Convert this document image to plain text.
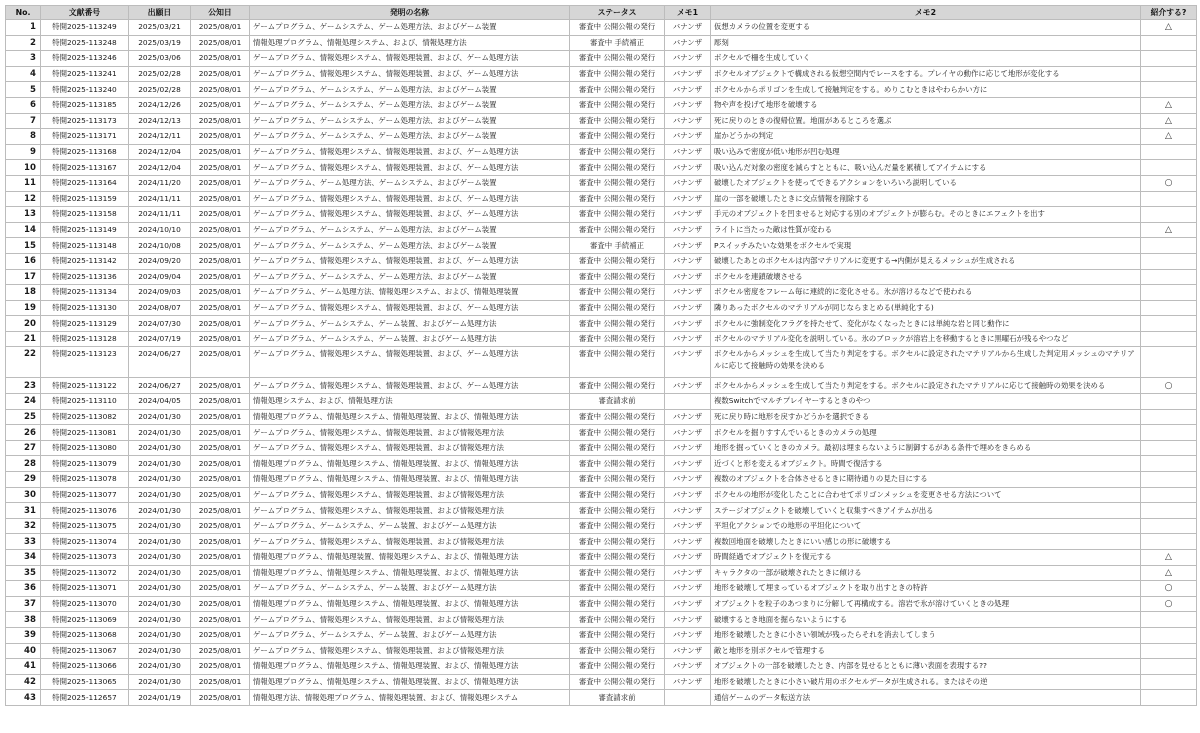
No.	文献番号	出願日	公知日	発明の名称	ステータス	メモ1	メモ2	紹介する?
1	特開2025-113249	2025/03/21	2025/08/01	ゲームプログラム、ゲームシステム、ゲーム処理方法、およびゲーム装置	審査中 公開公報の発行	バナンザ	仮想カメラの位置を変更する	△
2	特開2025-113248	2025/03/19	2025/08/01	情報処理プログラム、情報処理システム、および、情報処理方法	審査中 手続補正	バナンザ	彫刻	
3	特開2025-113246	2025/03/06	2025/08/01	ゲームプログラム、情報処理システム、情報処理装置、および、ゲーム処理方法	審査中 公開公報の発行	バナンザ	ボクセルで柵を生成していく	
4	特開2025-113241	2025/02/28	2025/08/01	ゲームプログラム、情報処理システム、情報処理装置、および、ゲーム処理方法	審査中 公開公報の発行	バナンザ	ボクセルオブジェクトで構成される仮想空間内でレースをする。プレイヤの動作に応じて地形が変化する	
5	特開2025-113240	2025/02/28	2025/08/01	ゲームプログラム、ゲームシステム、ゲーム処理方法、およびゲーム装置	審査中 公開公報の発行	バナンザ	ボクセルからポリゴンを生成して接触判定をする。めりこむときはやわらかい方に	
6	特開2025-113185	2024/12/26	2025/08/01	ゲームプログラム、ゲームシステム、ゲーム処理方法、およびゲーム装置	審査中 公開公報の発行	バナンザ	物や声を投げて地形を破壊する	△
7	特開2025-113173	2024/12/13	2025/08/01	ゲームプログラム、ゲームシステム、ゲーム処理方法、およびゲーム装置	審査中 公開公報の発行	バナンザ	死に戻りのときの復帰位置。地面があるところを選ぶ	△
8	特開2025-113171	2024/12/11	2025/08/01	ゲームプログラム、ゲームシステム、ゲーム処理方法、およびゲーム装置	審査中 公開公報の発行	バナンザ	崖かどうかの判定	△
9	特開2025-113168	2024/12/04	2025/08/01	ゲームプログラム、情報処理システム、情報処理装置、および、ゲーム処理方法	審査中 公開公報の発行	バナンザ	吸い込みで密度が低い地形が凹む処理	
10	特開2025-113167	2024/12/04	2025/08/01	ゲームプログラム、情報処理システム、情報処理装置、および、ゲーム処理方法	審査中 公開公報の発行	バナンザ	吸い込んだ対象の密度を減らすとともに、吸い込んだ量を累積してアイテムにする	
11	特開2025-113164	2024/11/20	2025/08/01	ゲームプログラム、ゲーム処理方法、ゲームシステム、およびゲーム装置	審査中 公開公報の発行	バナンザ	破壊したオブジェクトを使ってできるアクションをいろいろ説明している	○
12	特開2025-113159	2024/11/11	2025/08/01	ゲームプログラム、情報処理システム、情報処理装置、および、ゲーム処理方法	審査中 公開公報の発行	バナンザ	崖の一部を破壊したときに交点情報を削除する	
13	特開2025-113158	2024/11/11	2025/08/01	ゲームプログラム、情報処理システム、情報処理装置、および、ゲーム処理方法	審査中 公開公報の発行	バナンザ	手元のオブジェクトを凹ませると対応する別のオブジェクトが膨らむ。そのときにエフェクトを出す	
14	特開2025-113149	2024/10/10	2025/08/01	ゲームプログラム、ゲームシステム、ゲーム処理方法、およびゲーム装置	審査中 公開公報の発行	バナンザ	ライトに当たった敵は性質が変わる	△
15	特開2025-113148	2024/10/08	2025/08/01	ゲームプログラム、ゲームシステム、ゲーム処理方法、およびゲーム装置	審査中 手続補正	バナンザ	Pスイッチみたいな効果をボクセルで実現	
16	特開2025-113142	2024/09/20	2025/08/01	ゲームプログラム、情報処理システム、情報処理装置、および、ゲーム処理方法	審査中 公開公報の発行	バナンザ	破壊したあとのボクセルは内部マテリアルに変更する→内側が見えるメッシュが生成される	
17	特開2025-113136	2024/09/04	2025/08/01	ゲームプログラム、ゲームシステム、ゲーム処理方法、およびゲーム装置	審査中 公開公報の発行	バナンザ	ボクセルを連鎖破壊させる	
18	特開2025-113134	2024/09/03	2025/08/01	ゲームプログラム、ゲーム処理方法、情報処理システム、および、情報処理装置	審査中 公開公報の発行	バナンザ	ボクセル密度をフレーム毎に連続的に変化させる。氷が溶けるなどで使われる	
19	特開2025-113130	2024/08/07	2025/08/01	ゲームプログラム、情報処理システム、情報処理装置、および、ゲーム処理方法	審査中 公開公報の発行	バナンザ	隣りあったボクセルのマテリアルが同じならまとめる(単純化する)	
20	特開2025-113129	2024/07/30	2025/08/01	ゲームプログラム、ゲームシステム、ゲーム装置、およびゲーム処理方法	審査中 公開公報の発行	バナンザ	ボクセルに強制変化フラグを持たせて、変化がなくなったときには単純な岩と同じ動作に	
21	特開2025-113128	2024/07/19	2025/08/01	ゲームプログラム、ゲームシステム、ゲーム装置、およびゲーム処理方法	審査中 公開公報の発行	バナンザ	ボクセルのマテリアル変化を説明している。氷のブロックが溶岩上を移動するときに黒曜石が残るやつなど	
22	特開2025-113123	2024/06/27	2025/08/01	ゲームプログラム、情報処理システム、情報処理装置、および、ゲーム処理方法	審査中 公開公報の発行	バナンザ	ボクセルからメッシュを生成して当たり判定をする。ボクセルに設定されたマテリアルから生成した判定用メッシュのマテリアルに応じて接触時の効果を決める	
23	特開2025-113122	2024/06/27	2025/08/01	ゲームプログラム、情報処理システム、情報処理装置、および、ゲーム処理方法	審査中 公開公報の発行	バナンザ	ボクセルからメッシュを生成して当たり判定をする。ボクセルに設定されたマテリアルに応じて接触時の効果を決める	○
24	特開2025-113110	2024/04/05	2025/08/01	情報処理システム、および、情報処理方法	審査請求前		複数Switchでマルチプレイヤーするときのやつ	
25	特開2025-113082	2024/01/30	2025/08/01	情報処理プログラム、情報処理システム、情報処理装置、および、情報処理方法	審査中 公開公報の発行	バナンザ	死に戻り時に地形を戻すかどうかを選択できる	
26	特開2025-113081	2024/01/30	2025/08/01	ゲームプログラム、情報処理システム、情報処理装置、および情報処理方法	審査中 公開公報の発行	バナンザ	ボクセルを掘りすすんでいるときのカメラの処理	
27	特開2025-113080	2024/01/30	2025/08/01	ゲームプログラム、情報処理システム、情報処理装置、および情報処理方法	審査中 公開公報の発行	バナンザ	地形を掘っていくときのカメラ。最初は埋まらないように制御するがある条件で埋めをきらめる	
28	特開2025-113079	2024/01/30	2025/08/01	情報処理プログラム、情報処理システム、情報処理装置、および、情報処理方法	審査中 公開公報の発行	バナンザ	近づくと形を変えるオブジェクト。時間で復活する	
29	特開2025-113078	2024/01/30	2025/08/01	情報処理プログラム、情報処理システム、情報処理装置、および、情報処理方法	審査中 公開公報の発行	バナンザ	複数のオブジェクトを合体させるときに期待通りの見た目にする	
30	特開2025-113077	2024/01/30	2025/08/01	ゲームプログラム、情報処理システム、情報処理装置、および情報処理方法	審査中 公開公報の発行	バナンザ	ボクセルの地形が変化したことに合わせてポリゴンメッシュを変更させる方法について	
31	特開2025-113076	2024/01/30	2025/08/01	ゲームプログラム、情報処理システム、情報処理装置、および情報処理方法	審査中 公開公報の発行	バナンザ	ステージオブジェクトを破壊していくと収集すべきアイテムが出る	
32	特開2025-113075	2024/01/30	2025/08/01	ゲームプログラム、ゲームシステム、ゲーム装置、およびゲーム処理方法	審査中 公開公報の発行	バナンザ	平坦化アクションでの地形の平坦化について	
33	特開2025-113074	2024/01/30	2025/08/01	ゲームプログラム、情報処理システム、情報処理装置、および情報処理方法	審査中 公開公報の発行	バナンザ	複数回地面を破壊したときにいい感じの形に破壊する	
34	特開2025-113073	2024/01/30	2025/08/01	情報処理プログラム、情報処理装置、情報処理システム、および、情報処理方法	審査中 公開公報の発行	バナンザ	時間経過でオブジェクトを復元する	△
35	特開2025-113072	2024/01/30	2025/08/01	情報処理プログラム、情報処理システム、情報処理装置、および、情報処理方法	審査中 公開公報の発行	バナンザ	キャラクタの一部が破壊されたときに傾ける	△
36	特開2025-113071	2024/01/30	2025/08/01	ゲームプログラム、ゲームシステム、ゲーム装置、およびゲーム処理方法	審査中 公開公報の発行	バナンザ	地形を破壊して埋まっているオブジェクトを取り出すときの特許	○
37	特開2025-113070	2024/01/30	2025/08/01	情報処理プログラム、情報処理システム、情報処理装置、および、情報処理方法	審査中 公開公報の発行	バナンザ	オブジェクトを粒子のあつまりに分解して再構成する。溶岩で氷が溶けていくときの処理	○
38	特開2025-113069	2024/01/30	2025/08/01	ゲームプログラム、情報処理システム、情報処理装置、および情報処理方法	審査中 公開公報の発行	バナンザ	破壊するとき地面を掘らないようにする	
39	特開2025-113068	2024/01/30	2025/08/01	ゲームプログラム、ゲームシステム、ゲーム装置、およびゲーム処理方法	審査中 公開公報の発行	バナンザ	地形を破壊したときに小さい領域が残ったらそれを消去してしまう	
40	特開2025-113067	2024/01/30	2025/08/01	ゲームプログラム、情報処理システム、情報処理装置、および情報処理方法	審査中 公開公報の発行	バナンザ	敵と地形を別ボクセルで管理する	
41	特開2025-113066	2024/01/30	2025/08/01	情報処理プログラム、情報処理システム、情報処理装置、および、情報処理方法	審査中 公開公報の発行	バナンザ	オブジェクトの一部を破壊したとき、内部を見せるとともに薄い表面を表現する??	
42	特開2025-113065	2024/01/30	2025/08/01	情報処理プログラム、情報処理システム、情報処理装置、および、情報処理方法	審査中 公開公報の発行	バナンザ	地形を破壊したときに小さい破片用のボクセルデータが生成される。またはその逆	
43	特開2025-112657	2024/01/19	2025/08/01	情報処理方法、情報処理プログラム、情報処理装置、および、情報処理システム	審査請求前		通信ゲームのデータ転送方法	
